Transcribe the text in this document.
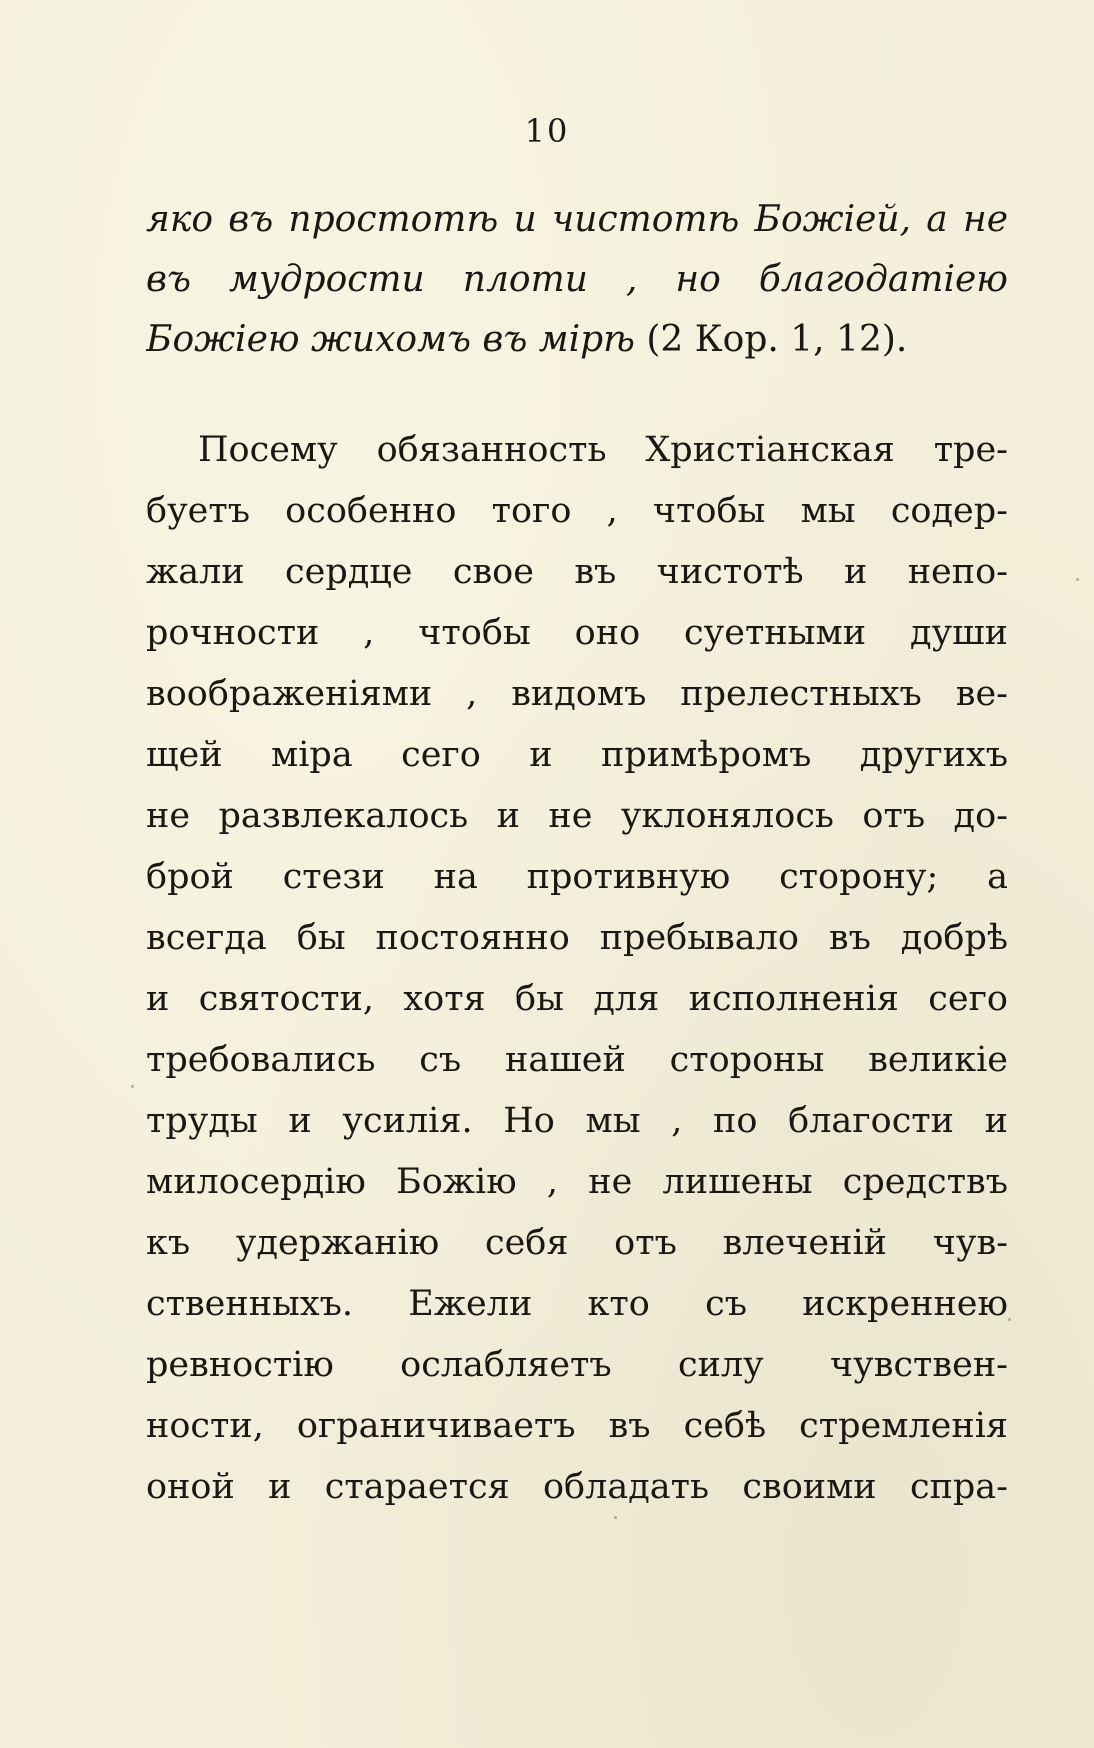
10
яко въ простотѣ и чистотѣ Божіей, а не
въ мудрости плоти , но благодатіею
Божіею жихомъ въ мірѣ (2 Кор. 1, 12).
Посему обязанность Христіанская тре-
буетъ особенно того , чтобы мы содер-
жали сердце свое въ чистотѣ и непо-
рочности , чтобы оно суетными души
воображеніями , видомъ прелестныхъ ве-
щей міра сего и примѣромъ другихъ
не развлекалось и не уклонялось отъ до-
брой стези на противную сторону; а
всегда бы постоянно пребывало въ добрѣ
и святости, хотя бы для исполненія сего
требовались съ нашей стороны великіе
труды и усилія. Но мы , по благости и
милосердію Божію , не лишены средствъ
къ удержанію себя отъ влеченій чув-
ственныхъ. Ежели кто съ искреннею
ревностію ослабляетъ силу чувствен-
ности, ограничиваетъ въ себѣ стремленія
оной и старается обладать своими спра-
